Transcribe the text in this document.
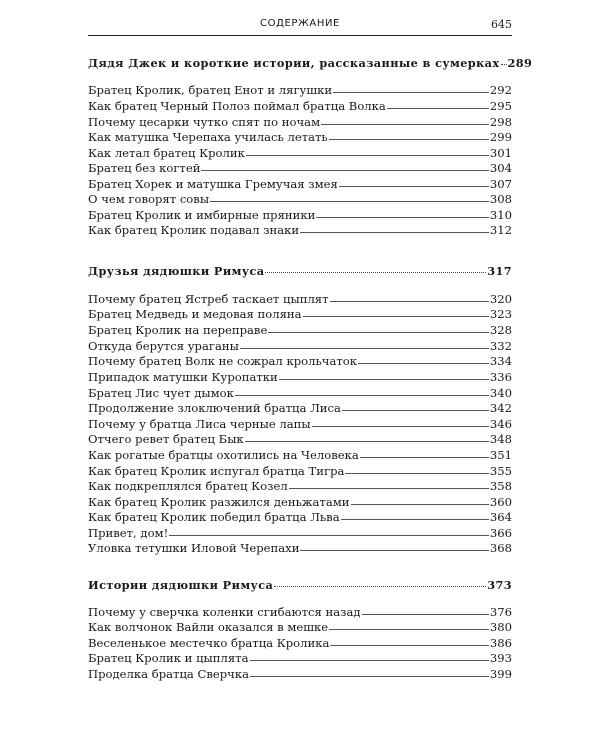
СОДЕРЖАНИЕ	645
Дядя Джек и короткие истории, рассказанные в сумерках 289
Братец Кролик, братец Енот и лягушки	292
Как братец Черный Полоз поймал братца Волка	295
Почему цесарки чутко спят по ночам	298
Как матушка Черепаха училась летать	299
Как летал братец Кролик	301
Братец без когтей	304
Братец Хорек и матушка Гремучая змея	307
О чем говорят совы	308
Братец Кролик и имбирные пряники	310
Как братец Кролик подавал знаки	312
Друзья дядюшки Римуса	317
Почему братец Ястреб таскает цыплят	320
Братец Медведь и медовая поляна	323
Братец Кролик на переправе	328
Откуда берутся ураганы	332
Почему братец Волк не сожрал крольчаток	334
Припадок матушки Куропатки	336
Братец Лис чует дымок	340
Продолжение злоключений братца Лиса	342
Почему у братца Лиса черные лапы	346
Отчего ревет братец Бык	348
Как рогатые братцы охотились на Человека	351
Как братец Кролик испугал братца Тигра	355
Как подкреплялся братец Козел	358
Как братец Кролик разжился деньжатами	360
Как братец Кролик победил братца Льва	364
Привет, дом!	366
Уловка тетушки Иловой Черепахи	368
Истории дядюшки Римуса	373
Почему у сверчка коленки сгибаются назад	376
Как волчонок Вайли оказался в мешке	380
Веселенькое местечко братца Кролика	386
Братец Кролик и цыплята	393
Проделка братца Сверчка	399
